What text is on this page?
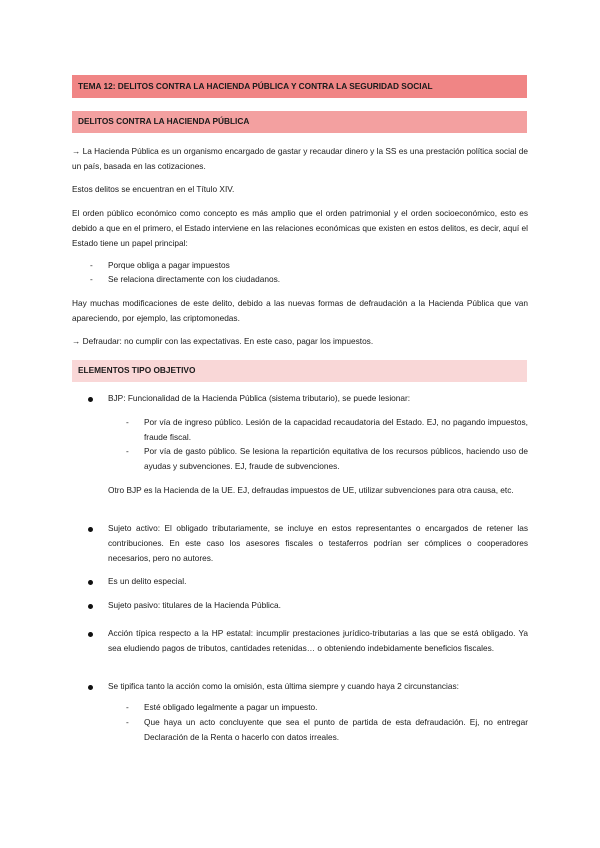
TEMA 12: DELITOS CONTRA LA HACIENDA PÚBLICA Y CONTRA LA SEGURIDAD SOCIAL
DELITOS CONTRA LA HACIENDA PÚBLICA

→ La Hacienda Pública es un organismo encargado de gastar y recaudar dinero y la SS es una prestación política social de un país, basada en las cotizaciones.

Estos delitos se encuentran en el Título XIV.

El orden público económico como concepto es más amplio que el orden patrimonial y el orden socioeconómico, esto es debido a que en el primero, el Estado interviene en las relaciones económicas que existen en estos delitos, es decir, aquí el Estado tiene un papel principal:

- Porque obliga a pagar impuestos

- Se relaciona directamente con los ciudadanos.

Hay muchas modificaciones de este delito, debido a las nuevas formas de defraudación a la Hacienda Pública que van apareciendo, por ejemplo, las criptomonedas.

→ Defraudar: no cumplir con las expectativas. En este caso, pagar los impuestos.

ELEMENTOS TIPO OBJETIVO

BJP: Funcionalidad de la Hacienda Pública (sistema tributario), se puede lesionar:

- Por vía de ingreso público. Lesión de la capacidad recaudatoria del Estado. EJ, no pagando impuestos, fraude fiscal.

- Por vía de gasto público. Se lesiona la repartición equitativa de los recursos públicos, haciendo uso de ayudas y subvenciones. EJ, fraude de subvenciones.

Otro BJP es la Hacienda de la UE. EJ, defraudas impuestos de UE, utilizar subvenciones para otra causa, etc.

Sujeto activo: El obligado tributariamente, se incluye en estos representantes o encargados de retener las contribuciones. En este caso los asesores fiscales o testaferros podrían ser cómplices o cooperadores necesarios, pero no autores.

Es un delito especial.

Sujeto pasivo: titulares de la Hacienda Pública.

Acción típica respecto a la HP estatal: incumplir prestaciones jurídico-tributarias a las que se está obligado. Ya sea eludiendo pagos de tributos, cantidades retenidas… o obteniendo indebidamente beneficios fiscales.

Se tipifica tanto la acción como la omisión, esta última siempre y cuando haya 2 circunstancias:

- Esté obligado legalmente a pagar un impuesto.

- Que haya un acto concluyente que sea el punto de partida de esta defraudación. Ej, no entregar Declaración de la Renta o hacerlo con datos irreales.
